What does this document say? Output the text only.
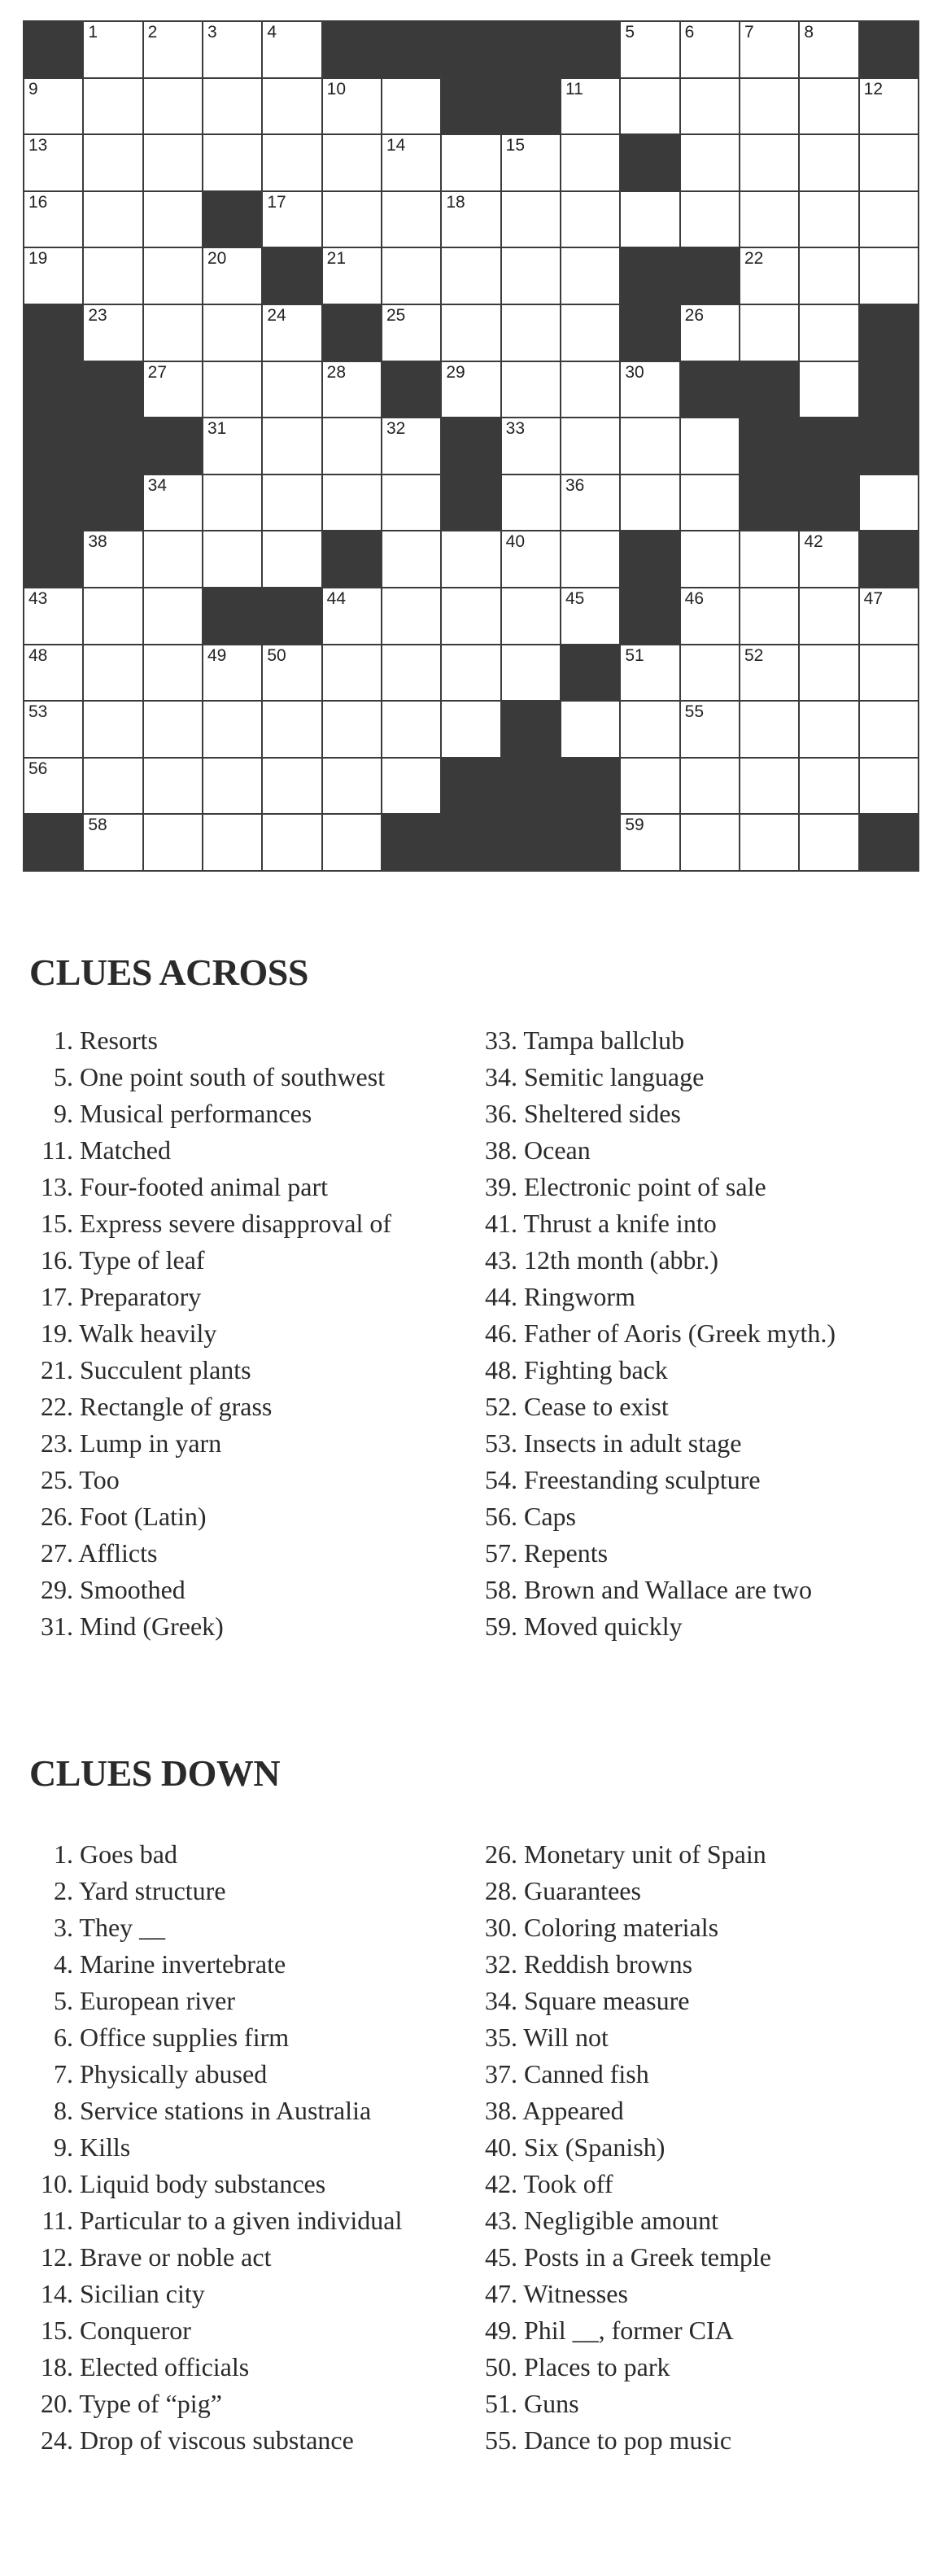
1	2	3	4	5	6	7	8
9	10	11	12
13	14	15
16	17	18
19	20	21	22
23	24	25	26
27	28	29	30
31	32	33
34	36
38	40	42
43	44	45	46	47
48	49 50	51	52
53	55
56
58	59
CLUES ACROSS
1. Resorts
5. One point south of southwest
9. Musical performances
11. Matched
13. Four-footed animal part
15. Express severe disapproval of
16. Type of leaf
17. Preparatory
19. Walk heavily
21. Succulent plants
22. Rectangle of grass
23. Lump in yarn
25. Too
26. Foot (Latin)
27. Afflicts
29. Smoothed
31. Mind (Greek)
33. Tampa ballclub
34. Semitic language
36. Sheltered sides
38. Ocean
39. Electronic point of sale
41. Thrust a knife into
43. 12th month (abbr.)
44. Ringworm
46. Father of Aoris (Greek myth.)
48. Fighting back
52. Cease to exist
53. Insects in adult stage
54. Freestanding sculpture
56. Caps
57. Repents
58. Brown and Wallace are two
59. Moved quickly
CLUES DOWN
1. Goes bad
2. Yard structure
3. They __
4. Marine invertebrate
5. European river
6. Office supplies firm
7. Physically abused
8. Service stations in Australia
9. Kills
10. Liquid body substances
11. Particular to a given individual
12. Brave or noble act
14. Sicilian city
15. Conqueror
18. Elected officials
20. Type of “pig”
24. Drop of viscous substance
26. Monetary unit of Spain
28. Guarantees
30. Coloring materials
32. Reddish browns
34. Square measure
35. Will not
37. Canned fish
38. Appeared
40. Six (Spanish)
42. Took off
43. Negligible amount
45. Posts in a Greek temple
47. Witnesses
49. Phil __, former CIA
50. Places to park
51. Guns
55. Dance to pop music
